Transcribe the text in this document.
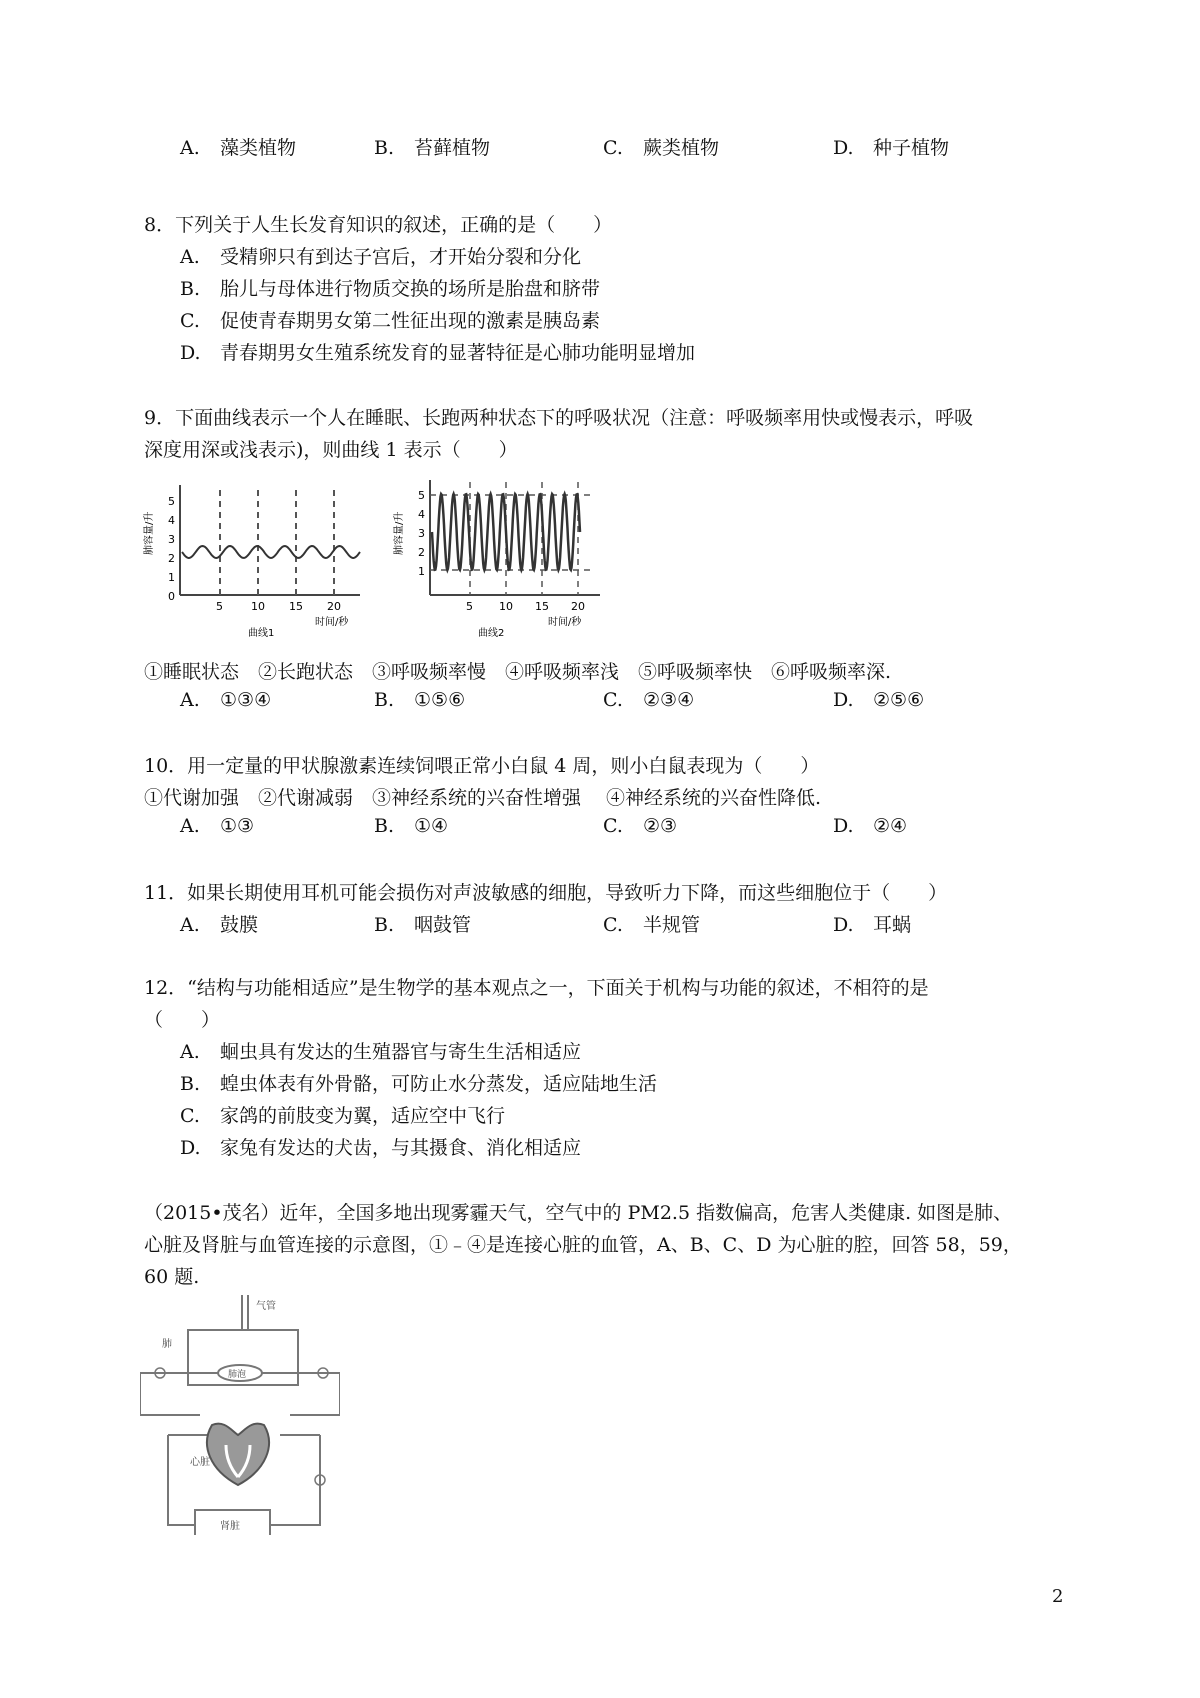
A. 藻类植物	B. 苔藓植物	C. 蕨类植物	D. 种子植物
8．下列关于人生长发育知识的叙述，正确的是（　　）
A. 受精卵只有到达子宫后，才开始分裂和分化
B. 胎儿与母体进行物质交换的场所是胎盘和脐带
C. 促使青春期男女第二性征出现的激素是胰岛素
D. 青春期男女生殖系统发育的显著特征是心肺功能明显增加
9．下面曲线表示一个人在睡眠、长跑两种状态下的呼吸状况（注意：呼吸频率用快或慢表示，呼吸
深度用深或浅表示)，则曲线 1 表示（　　）
0
1
2
3
4
5
5	10 15 20
时间/秒
曲线1
肺容量/升
1
2
3
4
5
5 10 15 20
时间/秒
曲线2
肺容量/升
①睡眠状态　②长跑状态　③呼吸频率慢　④呼吸频率浅　⑤呼吸频率快　⑥呼吸频率深.
A. ①③④	B. ①⑤⑥	C. ②③④	D. ②⑤⑥
10．用一定量的甲状腺激素连续饲喂正常小白鼠 4 周，则小白鼠表现为（　　）
①代谢加强　②代谢减弱　③神经系统的兴奋性增强　 ④神经系统的兴奋性降低.
A. ①③	B. ①④	C. ②③	D. ②④
11．如果长期使用耳机可能会损伤对声波敏感的细胞，导致听力下降，而这些细胞位于（　　）
A. 鼓膜	B. 咽鼓管	C. 半规管	D. 耳蜗
12．“结构与功能相适应”是生物学的基本观点之一，下面关于机构与功能的叙述，不相符的是
（　　）
A. 蛔虫具有发达的生殖器官与寄生生活相适应
B. 蝗虫体表有外骨骼，可防止水分蒸发，适应陆地生活
C. 家鸽的前肢变为翼，适应空中飞行
D. 家兔有发达的犬齿，与其摄食、消化相适应
（2015•茂名）近年，全国多地出现雾霾天气，空气中的 PM2.5 指数偏高，危害人类健康. 如图是肺、
心脏及肾脏与血管连接的示意图，①﹣④是连接心脏的血管，A、B、C、D 为心脏的腔，回答 58，59，
60 题.
气管
肺
肺泡
心脏
肾脏
2
